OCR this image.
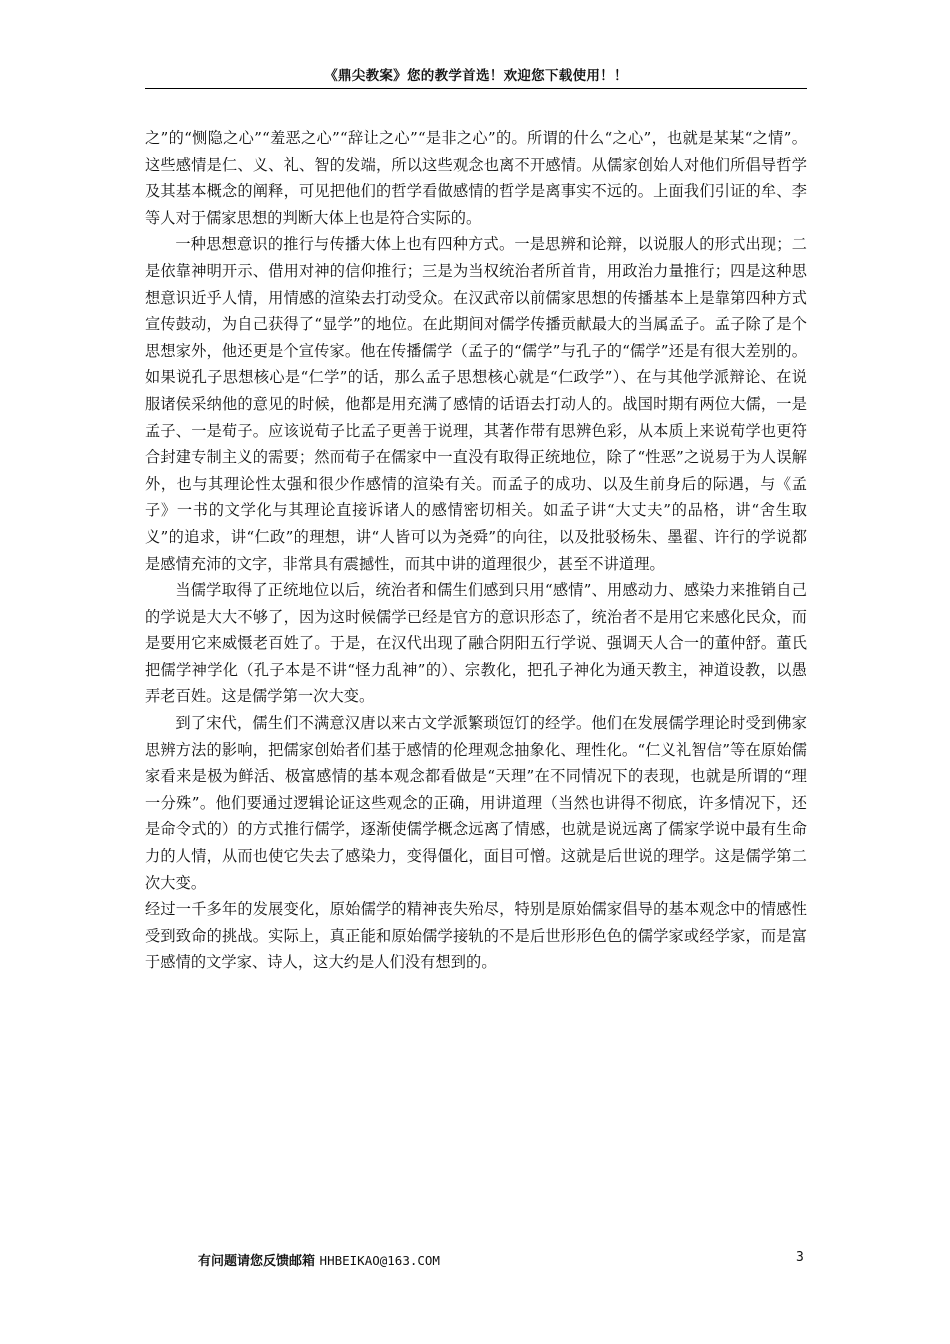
《鼎尖教案》您的教学首选！欢迎您下载使用！！

之”的“恻隐之心”“羞恶之心”“辞让之心”“是非之心”的。所谓的什么“之心”，也就是某某“之情”。这些感情是仁、义、礼、智的发端，所以这些观念也离不开感情。从儒家创始人对他们所倡导哲学及其基本概念的阐释，可见把他们的哲学看做感情的哲学是离事实不远的。上面我们引证的牟、李等人对于儒家思想的判断大体上也是符合实际的。

一种思想意识的推行与传播大体上也有四种方式。一是思辨和论辩，以说服人的形式出现；二是依靠神明开示、借用对神的信仰推行；三是为当权统治者所首肯，用政治力量推行；四是这种思想意识近乎人情，用情感的渲染去打动受众。在汉武帝以前儒家思想的传播基本上是靠第四种方式宣传鼓动，为自己获得了“显学”的地位。在此期间对儒学传播贡献最大的当属孟子。孟子除了是个思想家外，他还更是个宣传家。他在传播儒学（孟子的“儒学”与孔子的“儒学”还是有很大差别的。如果说孔子思想核心是“仁学”的话，那么孟子思想核心就是“仁政学”）、在与其他学派辩论、在说服诸侯采纳他的意见的时候，他都是用充满了感情的话语去打动人的。战国时期有两位大儒，一是孟子、一是荀子。应该说荀子比孟子更善于说理，其著作带有思辨色彩，从本质上来说荀学也更符合封建专制主义的需要；然而荀子在儒家中一直没有取得正统地位，除了“性恶”之说易于为人误解外，也与其理论性太强和很少作感情的渲染有关。而孟子的成功、以及生前身后的际遇，与《孟子》一书的文学化与其理论直接诉诸人的感情密切相关。如孟子讲“大丈夫”的品格，讲“舍生取义”的追求，讲“仁政”的理想，讲“人皆可以为尧舜”的向往，以及批驳杨朱、墨翟、许行的学说都是感情充沛的文字，非常具有震撼性，而其中讲的道理很少，甚至不讲道理。

当儒学取得了正统地位以后，统治者和儒生们感到只用“感情”、用感动力、感染力来推销自己的学说是大大不够了，因为这时候儒学已经是官方的意识形态了，统治者不是用它来感化民众，而是要用它来威慑老百姓了。于是，在汉代出现了融合阴阳五行学说、强调天人合一的董仲舒。董氏把儒学神学化（孔子本是不讲“怪力乱神”的）、宗教化，把孔子神化为通天教主，神道设教，以愚弄老百姓。这是儒学第一次大变。

到了宋代，儒生们不满意汉唐以来古文学派繁琐饾饤的经学。他们在发展儒学理论时受到佛家思辨方法的影响，把儒家创始者们基于感情的伦理观念抽象化、理性化。“仁义礼智信”等在原始儒家看来是极为鲜活、极富感情的基本观念都看做是“天理”在不同情况下的表现，也就是所谓的“理一分殊”。他们要通过逻辑论证这些观念的正确，用讲道理（当然也讲得不彻底，许多情况下，还是命令式的）的方式推行儒学，逐渐使儒学概念远离了情感，也就是说远离了儒家学说中最有生命力的人情，从而也使它失去了感染力，变得僵化，面目可憎。这就是后世说的理学。这是儒学第二次大变。

经过一千多年的发展变化，原始儒学的精神丧失殆尽，特别是原始儒家倡导的基本观念中的情感性受到致命的挑战。实际上，真正能和原始儒学接轨的不是后世形形色色的儒学家或经学家，而是富于感情的文学家、诗人，这大约是人们没有想到的。

有问题请您反馈邮箱 HHBEIKAO@163.COM	3
